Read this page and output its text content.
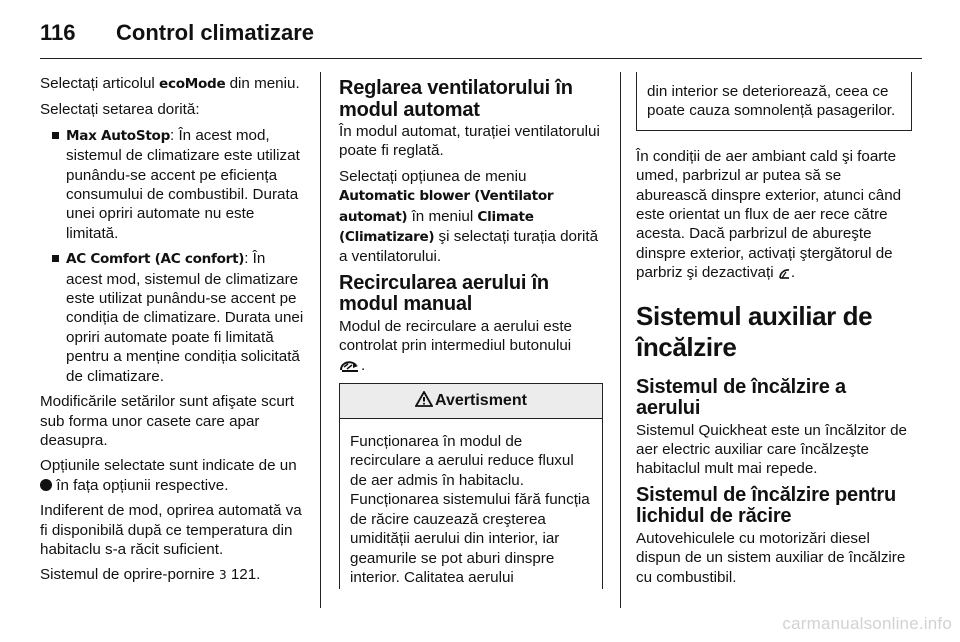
116 Control climatizare

Selectați articolul ecoMode din meniu.

Selectați setarea dorită:

Max AutoStop: În acest mod, sistemul de climatizare este utilizat punându-se accent pe eficiența consumului de combustibil. Durata unei opriri automate nu este limitată.
AC Comfort (AC confort): În acest mod, sistemul de climatizare este utilizat punându-se accent pe condiția de climatizare. Durata unei opriri automate poate fi limitată pentru a menține condiția solicitată de climatizare.

Modificările setărilor sunt afişate scurt sub forma unor casete care apar deasupra.

Opțiunile selectate sunt indicate de un  în fața opțiunii respective.

Indiferent de mod, oprirea automată va fi disponibilă după ce temperatura din habitaclu s-a răcit suficient.

Sistemul de oprire-pornire 3 121.

Reglarea ventilatorului în modul automat

În modul automat, turației ventilatorului poate fi reglată.

Selectați opțiunea de meniu Automatic blower (Ventilator automat) în meniul Climate (Climatizare) şi selectați turația dorită a ventilatorului.

Recircularea aerului în modul manual

Modul de recirculare a aerului este controlat prin intermediul butonului
.

Avertisment

Funcționarea în modul de recirculare a aerului reduce fluxul de aer admis în habitaclu. Funcționarea sistemului fără funcția de răcire cauzează creşterea umidității aerului din interior, iar geamurile se pot aburi dinspre interior. Calitatea aerului

din interior se deteriorează, ceea ce poate cauza somnolență pasagerilor.

În condiții de aer ambiant cald şi foarte umed, parbrizul ar putea să se aburească dinspre exterior, atunci când este orientat un flux de aer rece către acesta. Dacă parbrizul de abureşte dinspre exterior, activați ştergătorul de parbriz şi dezactivați .

Sistemul auxiliar de încălzire
Sistemul de încălzire a aerului

Sistemul Quickheat este un încălzitor de aer electric auxiliar care încălzeşte habitaclul mult mai repede.

Sistemul de încălzire pentru lichidul de răcire

Autovehiculele cu motorizări diesel dispun de un sistem auxiliar de încălzire cu combustibil.

carmanualsonline.info
